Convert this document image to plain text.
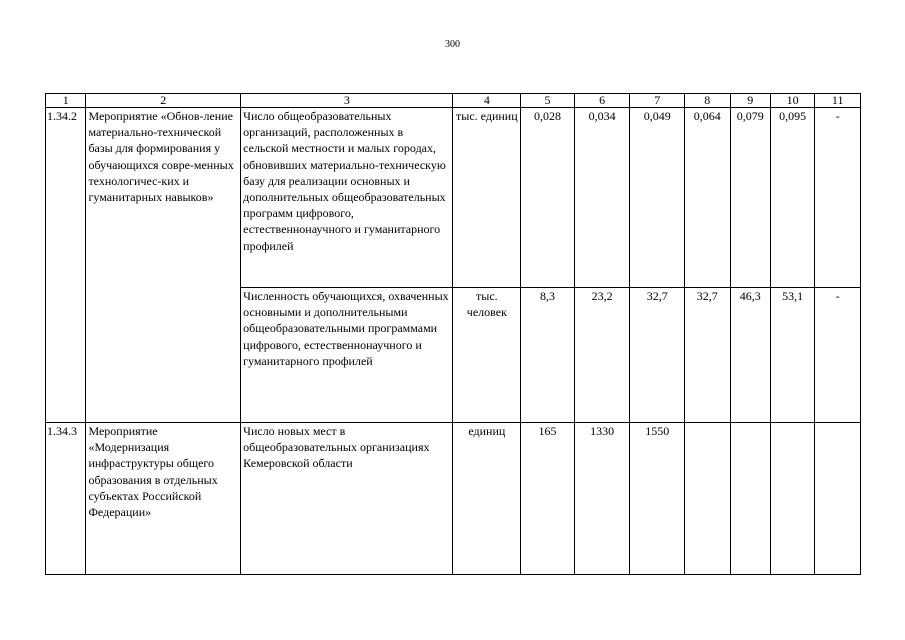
300
1	2	3	4	5	6	7	8	9	10	11
1.34.2	Мероприятие «Обнов-ление материально-технической базы для формирования у обучающихся совре-менных технологичес-ких и гуманитарных навыков»	Число общеобразовательных организаций, расположенных в сельской местности и малых городах, обновивших материально-техническую базу для реализации основных и дополнительных общеобразовательных программ цифрового, естественнонаучного и гуманитарного профилей	тыс. единиц	0,028	0,034	0,049	0,064	0,079	0,095	-
		Численность обучающихся, охваченных основными и дополнительными общеобразовательными программами цифрового, естественнонаучного и гуманитарного профилей	тыс. человек	8,3	23,2	32,7	32,7	46,3	53,1	-
1.34.3	Мероприятие «Модернизация инфраструктуры общего образования в отдельных субъектах Российской Федерации»	Число новых мест в общеобразовательных организациях Кемеровской области	единиц	165	1330	1550				
